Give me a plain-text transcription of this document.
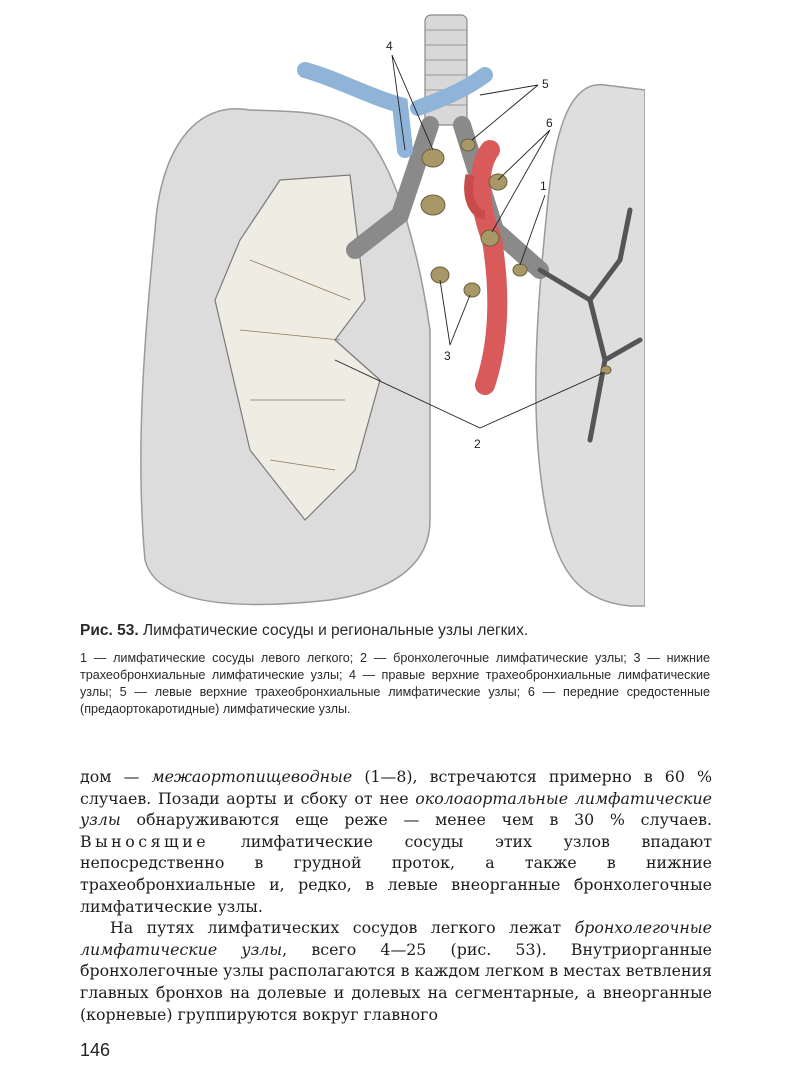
4
5
6
1
3
2

Рис. 53. Лимфатические сосуды и регионaльные узлы легких.

1 — лимфатические сосуды левого легкого; 2 — бронхолегочные лимфатические узлы; 3 — нижние трахеобронхиальные лимфатические узлы; 4 — правые верхние трахеобронхиальные лимфатические узлы; 5 — левые верхние трахеобронхиальные лимфатические узлы; 6 — передние средостенные (предаортокаротидные) лимфатические узлы.

дом — межаортопищеводные (1—8), встречаются примерно в 60 % случаев. Позади аорты и сбоку от нее околоаортальные лимфатические узлы обнаруживаются еще реже — менее чем в 30 % случаев. Выносящие лимфатические сосуды этих узлов впадают непосредственно в грудной проток, а также в нижние трахеобронхиальные и, редко, в левые внеорганные бронхолегочные лимфатические узлы.

На путях лимфатических сосудов легкого лежат бронхолегочные лимфатические узлы, всего 4—25 (рис. 53). Внутриорганные бронхолегочные узлы располагаются в каждом легком в местах ветвления главных бронхов на долевые и долевых на сегментарные, а внеорганные (корневые) группируются вокруг главного

146
